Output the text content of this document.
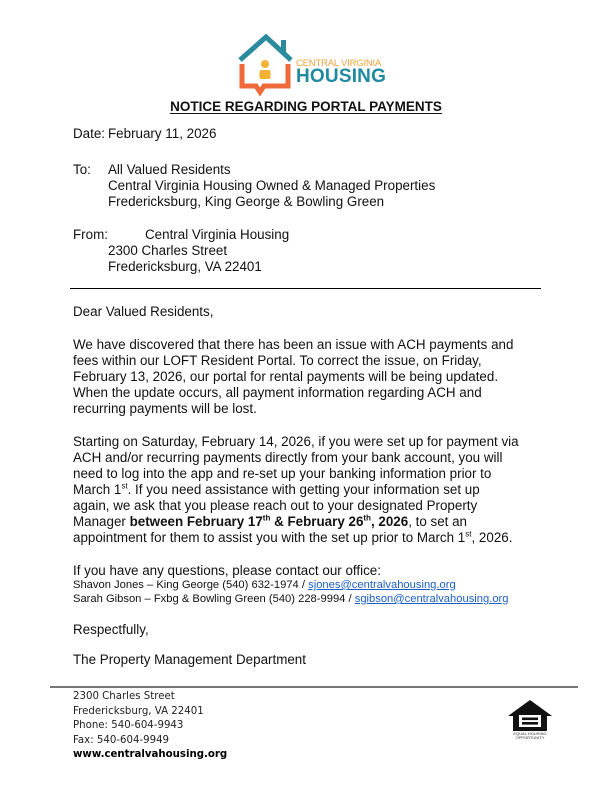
CENTRAL VIRGINIA
HOUSING
NOTICE REGARDING PORTAL PAYMENTS
Date: February 11, 2026
To: All Valued Residents
Central Virginia Housing Owned & Managed Properties
Fredericksburg, King George & Bowling Green
From:	Central Virginia Housing
2300 Charles Street
Fredericksburg, VA 22401
Dear Valued Residents,
We have discovered that there has been an issue with ACH payments and
fees within our LOFT Resident Portal. To correct the issue, on Friday,
February 13, 2026, our portal for rental payments will be being updated.
When the update occurs, all payment information regarding ACH and
recurring payments will be lost.
Starting on Saturday, February 14, 2026, if you were set up for payment via
ACH and/or recurring payments directly from your bank account, you will
need to log into the app and re-set up your banking information prior to
March 1st. If you need assistance with getting your information set up
again, we ask that you please reach out to your designated Property
Manager between February 17th & February 26th, 2026, to set an
appointment for them to assist you with the set up prior to March 1st, 2026.
If you have any questions, please contact our office:
Shavon Jones – King George (540) 632-1974 / sjones@centralvahousing.org
Sarah Gibson – Fxbg & Bowling Green (540) 228-9994 / sgibson@centralvahousing.org
Respectfully,
The Property Management Department
2300 Charles Street
Fredericksburg, VA 22401
Phone: 540-604-9943
Fax: 540-604-9949
www.centralvahousing.org
EQUAL HOUSING
OPPORTUNITY
